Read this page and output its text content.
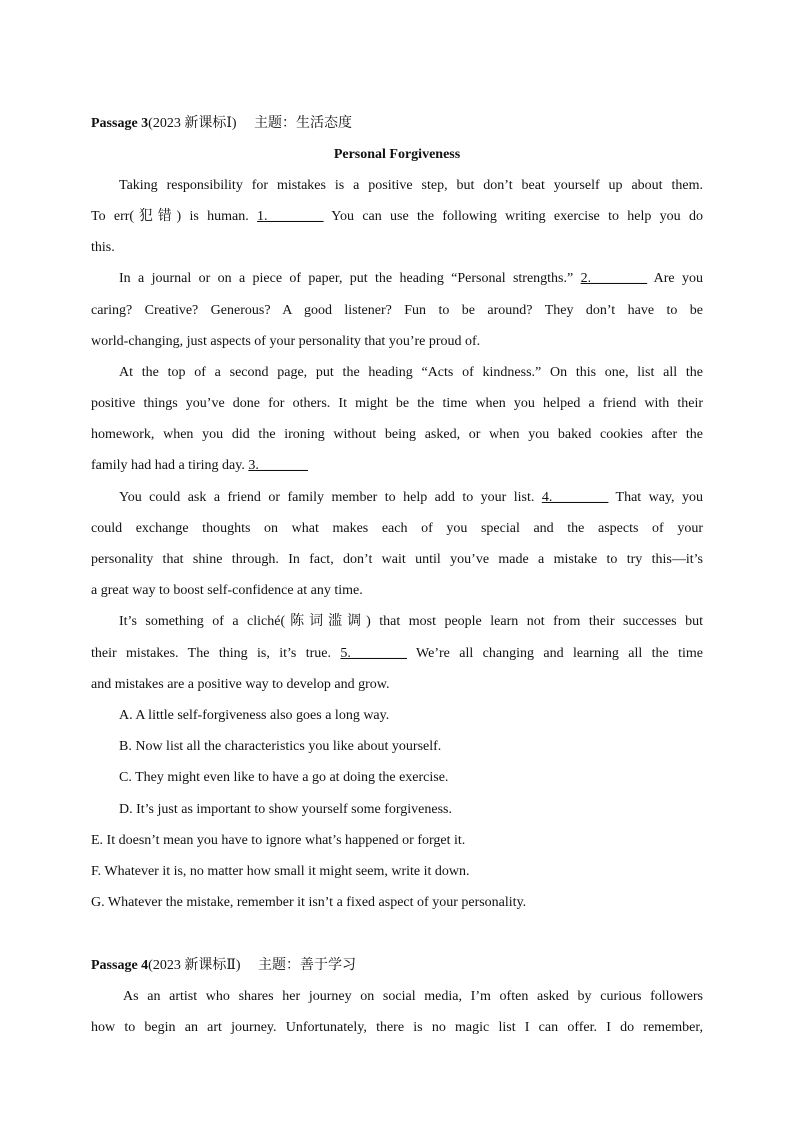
Passage 3(2023 新课标Ⅰ) 主题：生活态度
Personal Forgiveness
Taking responsibility for mistakes is a positive step, but don’t beat yourself up about them.
To err(犯错) is human. 1.________ You can use the following writing exercise to help you do
this.
In a journal or on a piece of paper, put the heading “Personal strengths.” 2.________ Are you
caring? Creative? Generous? A good listener? Fun to be around? They don’t have to be
world-changing, just aspects of your personality that you’re proud of.
At the top of a second page, put the heading “Acts of kindness.” On this one, list all the
positive things you’ve done for others. It might be the time when you helped a friend with their
homework, when you did the ironing without being asked, or when you baked cookies after the
family had had a tiring day. 3._______
You could ask a friend or family member to help add to your list. 4.________ That way, you
could exchange thoughts on what makes each of you special and the aspects of your
personality that shine through. In fact, don’t wait until you’ve made a mistake to try this—it’s
a great way to boost self-confidence at any time.
It’s something of a cliché(陈词滥调) that most people learn not from their successes but
their mistakes. The thing is, it’s true. 5.________ We’re all changing and learning all the time
and mistakes are a positive way to develop and grow.
A. A little self-forgiveness also goes a long way.
B. Now list all the characteristics you like about yourself.
C. They might even like to have a go at doing the exercise.
D. It’s just as important to show yourself some forgiveness.
E. It doesn’t mean you have to ignore what’s happened or forget it.
F. Whatever it is, no matter how small it might seem, write it down.
G. Whatever the mistake, remember it isn’t a fixed aspect of your personality.
Passage 4(2023 新课标Ⅱ) 主题：善于学习
As an artist who shares her journey on social media, I’m often asked by curious followers
how to begin an art journey. Unfortunately, there is no magic list I can offer. I do remember,
